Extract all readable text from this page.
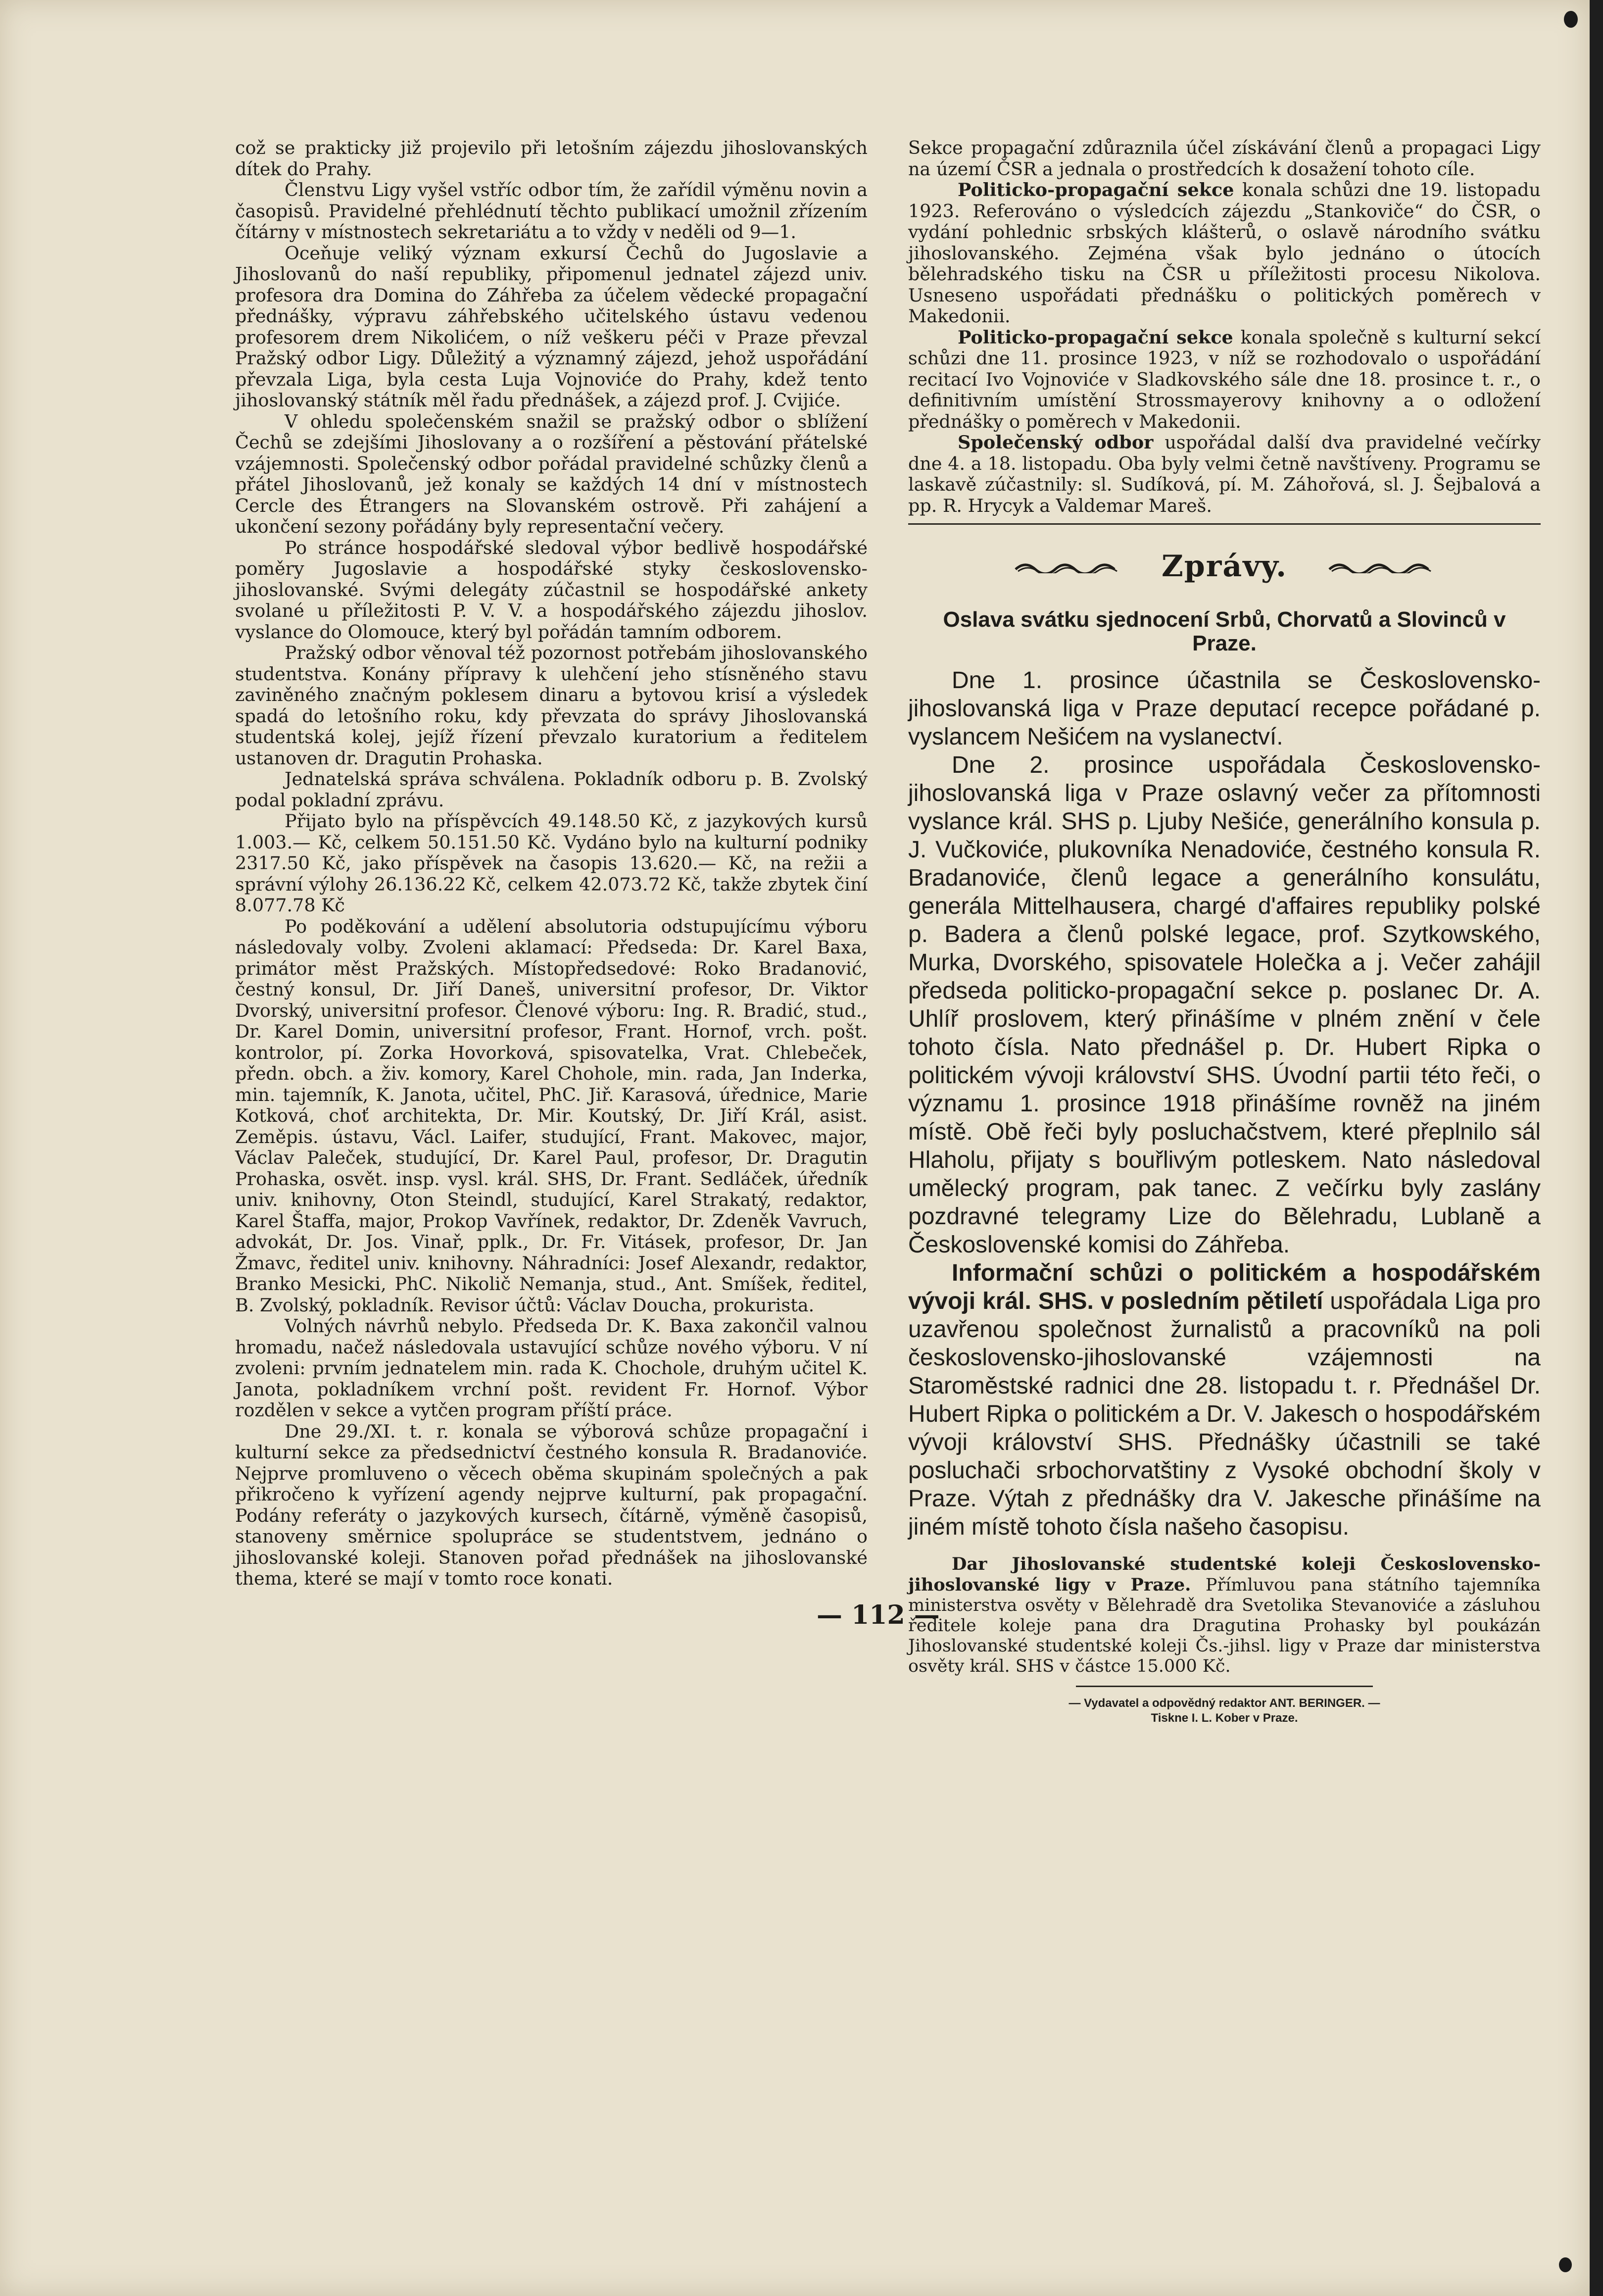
což se prakticky již projevilo při letošním zájezdu jihoslovanských dítek do Prahy.

Členstvu Ligy vyšel vstříc odbor tím, že zařídil výměnu novin a časopisů. Pravidelné přehlédnutí těchto publikací umožnil zřízením čítárny v místnostech sekretariátu a to vždy v neděli od 9—1.

Oceňuje veliký význam exkursí Čechů do Jugoslavie a Jihoslovanů do naší republiky, připomenul jednatel zájezd univ. profesora dra Domina do Záhřeba za účelem vědecké propagační přednášky, výpravu záhřebského učitelského ústavu vedenou profesorem drem Nikolićem, o níž veškeru péči v Praze převzal Pražský odbor Ligy. Důležitý a významný zájezd, jehož uspořádání převzala Liga, byla cesta Luja Vojnoviće do Prahy, kdež tento jihoslovanský státník měl řadu přednášek, a zájezd prof. J. Cvijiće.

V ohledu společenském snažil se pražský odbor o sblížení Čechů se zdejšími Jihoslovany a o rozšíření a pěstování přátelské vzájemnosti. Společenský odbor pořádal pravidelné schůzky členů a přátel Jihoslovanů, jež konaly se každých 14 dní v místnostech Cercle des Étrangers na Slovanském ostrově. Při zahájení a ukončení sezony pořádány byly representační večery.

Po stránce hospodářské sledoval výbor bedlivě hospodářské poměry Jugoslavie a hospodářské styky československo-jihoslovanské. Svými delegáty zúčastnil se hospodářské ankety svolané u příležitosti P. V. V. a hospodářského zájezdu jihoslov. vyslance do Olomouce, který byl pořádán tamním odborem.

Pražský odbor věnoval též pozornost potřebám jihoslovanského studentstva. Konány přípravy k ulehčení jeho stísněného stavu zaviněného značným poklesem dinaru a bytovou krisí a výsledek spadá do letošního roku, kdy převzata do správy Jihoslovanská studentská kolej, jejíž řízení převzalo kuratorium a ředitelem ustanoven dr. Dragutin Prohaska.

Jednatelská správa schválena. Pokladník odboru p. B. Zvolský podal pokladní zprávu.

Přijato bylo na příspěvcích 49.148.50 Kč, z jazykových kursů 1.003.— Kč, celkem 50.151.50 Kč. Vydáno bylo na kulturní podniky 2317.50 Kč, jako příspěvek na časopis 13.620.— Kč, na režii a správní výlohy 26.136.22 Kč, celkem 42.073.72 Kč, takže zbytek činí 8.077.78 Kč

Po poděkování a udělení absolutoria odstupujícímu výboru následovaly volby. Zvoleni aklamací: Předseda: Dr. Karel Baxa, primátor měst Pražských. Místopředsedové: Roko Bradanović, čestný konsul, Dr. Jiří Daneš, universitní profesor, Dr. Viktor Dvorský, universitní profesor. Členové výboru: Ing. R. Bradić, stud., Dr. Karel Domin, universitní profesor, Frant. Hornof, vrch. pošt. kontrolor, pí. Zorka Hovorková, spisovatelka, Vrat. Chlebeček, předn. obch. a živ. komory, Karel Chohole, min. rada, Jan Inderka, min. tajemník, K. Janota, učitel, PhC. Jiř. Karasová, úřednice, Marie Kotková, choť architekta, Dr. Mir. Koutský, Dr. Jiří Král, asist. Zeměpis. ústavu, Václ. Laifer, studující, Frant. Makovec, major, Václav Paleček, studující, Dr. Karel Paul, profesor, Dr. Dragutin Prohaska, osvět. insp. vysl. král. SHS, Dr. Frant. Sedláček, úředník univ. knihovny, Oton Steindl, studující, Karel Strakatý, redaktor, Karel Štaffa, major, Prokop Vavřínek, redaktor, Dr. Zdeněk Vavruch, advokát, Dr. Jos. Vinař, pplk., Dr. Fr. Vitásek, profesor, Dr. Jan Žmavc, ředitel univ. knihovny. Náhradníci: Josef Alexandr, redaktor, Branko Mesicki, PhC. Nikolič Nemanja, stud., Ant. Smíšek, ředitel, B. Zvolský, pokladník. Revisor účtů: Václav Doucha, prokurista.

Volných návrhů nebylo. Předseda Dr. K. Baxa zakončil valnou hromadu, načež následovala ustavující schůze nového výboru. V ní zvoleni: prvním jednatelem min. rada K. Chochole, druhým učitel K. Janota, pokladníkem vrchní pošt. revident Fr. Hornof. Výbor rozdělen v sekce a vytčen program příští práce.

Dne 29./XI. t. r. konala se výborová schůze propagační i kulturní sekce za předsednictví čestného konsula R. Bradanoviće. Nejprve promluveno o věcech oběma skupinám společných a pak přikročeno k vyřízení agendy nejprve kulturní, pak propagační. Podány referáty o jazykových kursech, čítárně, výměně časopisů, stanoveny směrnice spolupráce se studentstvem, jednáno o jihoslovanské koleji. Stanoven pořad přednášek na jihoslovanské thema, které se mají v tomto roce konati.

Sekce propagační zdůraznila účel získávání členů a propagaci Ligy na území ČSR a jednala o prostředcích k dosažení tohoto cíle.

Politicko-propagační sekce konala schůzi dne 19. listopadu 1923. Referováno o výsledcích zájezdu „Stankoviče“ do ČSR, o vydání pohlednic srbských klášterů, o oslavě národního svátku jihoslovanského. Zejména však bylo jednáno o útocích bělehradského tisku na ČSR u příležitosti procesu Nikolova. Usneseno uspořádati přednášku o politických poměrech v Makedonii.

Politicko-propagační sekce konala společně s kulturní sekcí schůzi dne 11. prosince 1923, v níž se rozhodovalo o uspořádání recitací Ivo Vojnoviće v Sladkovského sále dne 18. prosince t. r., o definitivním umístění Strossmayerovy knihovny a o odložení přednášky o poměrech v Makedonii.

Společenský odbor uspořádal další dva pravidelné večírky dne 4. a 18. listopadu. Oba byly velmi četně navštíveny. Programu se laskavě zúčastnily: sl. Sudíková, pí. M. Záhořová, sl. J. Šejbalová a pp. R. Hrycyk a Valdemar Mareš.

Zprávy.
Oslava svátku sjednocení Srbů, Chorvatů a Slovinců v Praze.

Dne 1. prosince účastnila se Československo-jihoslovanská liga v Praze deputací recepce pořádané p. vyslancem Nešićem na vyslanectví.

Dne 2. prosince uspořádala Československo-jihoslovanská liga v Praze oslavný večer za přítomnosti vyslance král. SHS p. Ljuby Nešiće, generálního konsula p. J. Vučkoviće, plukovníka Nenadoviće, čestného konsula R. Bradanoviće, členů legace a generálního konsulátu, generála Mittelhausera, chargé d'affaires republiky polské p. Badera a členů polské legace, prof. Szytkowského, Murka, Dvorského, spisovatele Holečka a j. Večer zahájil předseda politicko-propagační sekce p. poslanec Dr. A. Uhlíř proslovem, který přinášíme v plném znění v čele tohoto čísla. Nato přednášel p. Dr. Hubert Ripka o politickém vývoji království SHS. Úvodní partii této řeči, o významu 1. prosince 1918 přinášíme rovněž na jiném místě. Obě řeči byly posluchačstvem, které přeplnilo sál Hlaholu, přijaty s bouřlivým potleskem. Nato následoval umělecký program, pak tanec. Z večírku byly zaslány pozdravné telegramy Lize do Bělehradu, Lublaně a Československé komisi do Záhřeba.

Informační schůzi o politickém a hospodářském vývoji král. SHS. v posledním pětiletí uspořádala Liga pro uzavřenou společnost žurnalistů a pracovníků na poli československo-jihoslovanské vzájemnosti na Staroměstské radnici dne 28. listopadu t. r. Přednášel Dr. Hubert Ripka o politickém a Dr. V. Jakesch o hospodářském vývoji království SHS. Přednášky účastnili se také posluchači srbochorvatštiny z Vysoké obchodní školy v Praze. Výtah z přednášky dra V. Jakesche přinášíme na jiném místě tohoto čísla našeho časopisu.

Dar Jihoslovanské studentské koleji Československo-jihoslovanské ligy v Praze. Přímluvou pana státního tajemníka ministerstva osvěty v Bělehradě dra Svetolika Stevanoviće a zásluhou ředitele koleje pana dra Dragutina Prohasky byl poukázán Jihoslovanské studentské koleji Čs.-jihsl. ligy v Praze dar ministerstva osvěty král. SHS v částce 15.000 Kč.

— Vydavatel a odpovědný redaktor ANT. BERINGER. —
Tiskne I. L. Kober v Praze.
— 112 —
